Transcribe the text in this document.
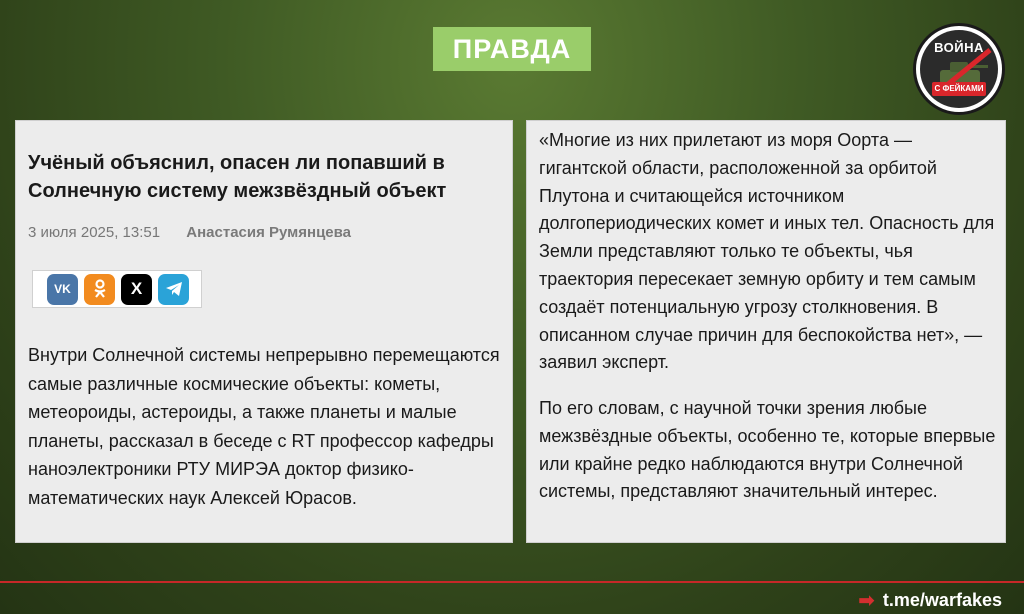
ПРАВДА	ВОЙНА
С ФЕЙКАМИ
Учёный объяснил, опасен ли попавший в Солнечную систему межзвёздный объект
3 июля 2025, 13:51 Анастасия Румянцева
VK	X
Внутри Солнечной системы непрерывно перемещаются самые различные космические объекты: кометы, метеороиды, астероиды, а также планеты и малые планеты, рассказал в беседе с RT профессор кафедры наноэлектроники РТУ МИРЭА доктор физико-математических наук Алексей Юрасов.
«Многие из них прилетают из моря Оорта — гигантской области, расположенной за орбитой Плутона и считающейся источником долгопериодических комет и иных тел. Опасность для Земли представляют только те объекты, чья траектория пересекает земную орбиту и тем самым создаёт потенциальную угрозу столкновения. В описанном случае причин для беспокойства нет», — заявил эксперт.
По его словам, с научной точки зрения любые межзвёздные объекты, особенно те, которые впервые или крайне редко наблюдаются внутри Солнечной системы, представляют значительный интерес.
➡ t.me/warfakes
